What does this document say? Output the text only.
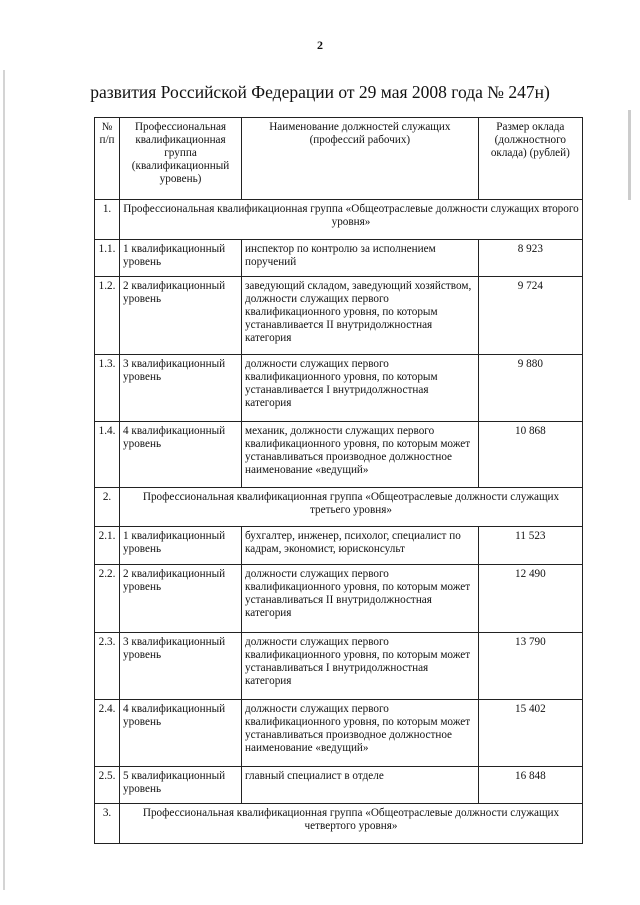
2
развития Российской Федерации от 29 мая 2008 года № 247н)
№ п/п	Профессиональная квалификационная группа (квалификационный уровень)	Наименование должностей служащих (профессий рабочих)	Размер оклада (должностного оклада) (рублей)
1.	Профессиональная квалификационная группа «Общеотраслевые должности служащих второго уровня»		
1.1.	1 квалификационный уровень	инспектор по контролю за исполнением поручений	8 923
1.2.	2 квалификационный уровень	заведующий складом, заведующий хозяйством, должности служащих первого квалификационного уровня, по которым устанавливается II внутридолжностная категория	9 724
1.3.	3 квалификационный уровень	должности служащих первого квалификационного уровня, по которым устанавливается I внутридолжностная категория	9 880
1.4.	4 квалификационный уровень	механик, должности служащих первого квалификационного уровня, по которым может устанавливаться производное должностное наименование «ведущий»	10 868
2.	Профессиональная квалификационная группа «Общеотраслевые должности служащих третьего уровня»		
2.1.	1 квалификационный уровень	бухгалтер, инженер, психолог, специалист по кадрам, экономист, юрисконсульт	11 523
2.2.	2 квалификационный уровень	должности служащих первого квалификационного уровня, по которым может устанавливаться II внутридолжностная категория	12 490
2.3.	3 квалификационный уровень	должности служащих первого квалификационного уровня, по которым может устанавливаться I внутридолжностная категория	13 790
2.4.	4 квалификационный уровень	должности служащих первого квалификационного уровня, по которым может устанавливаться производное должностное наименование «ведущий»	15 402
2.5.	5 квалификационный уровень	главный специалист в отделе	16 848
3.	Профессиональная квалификационная группа «Общеотраслевые должности служащих четвертого уровня»		
